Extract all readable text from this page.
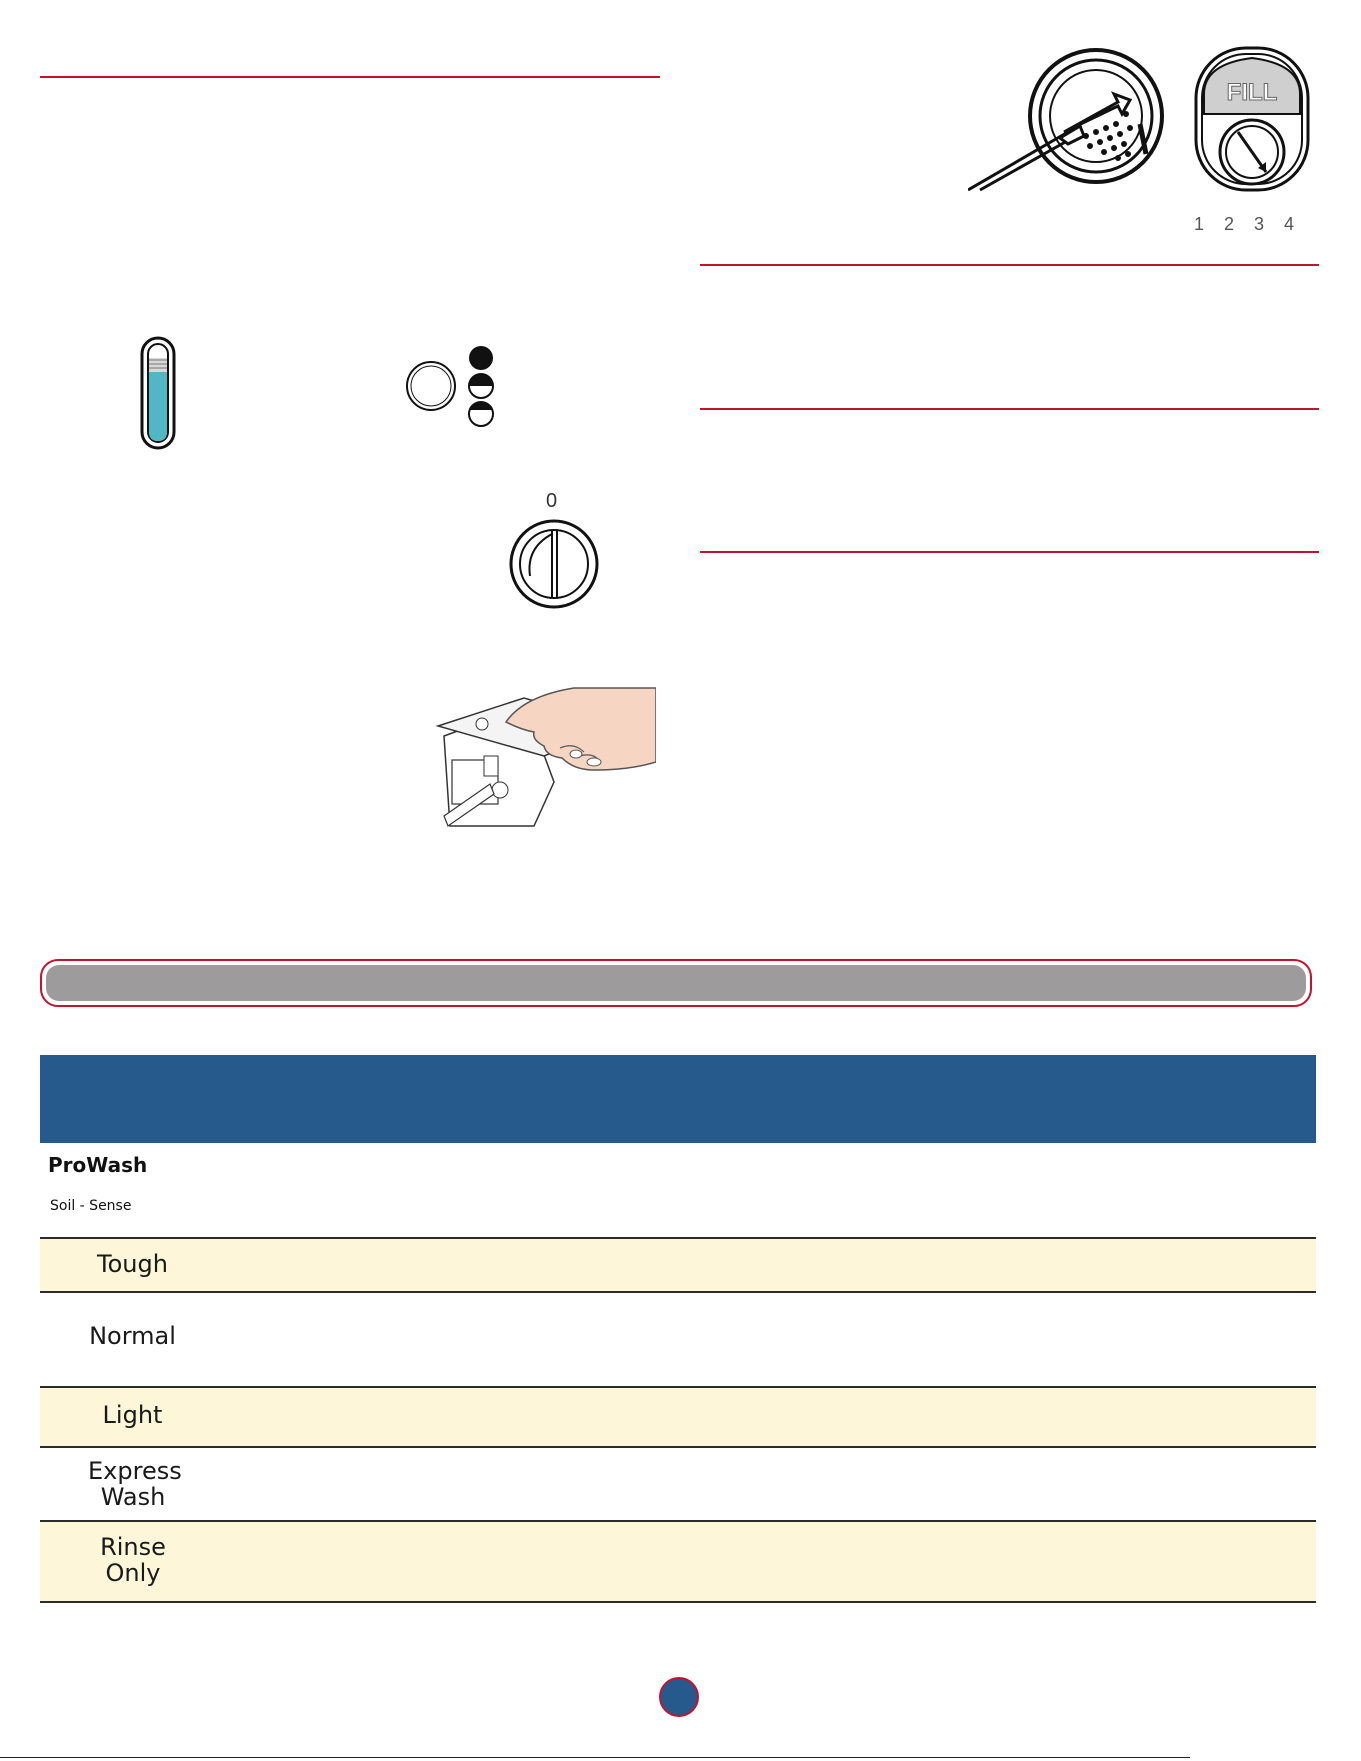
FILL
1 2 3 4
0
ProWash
Soil - Sense
Tough
Normal
Light
Express Wash
Rinse Only
